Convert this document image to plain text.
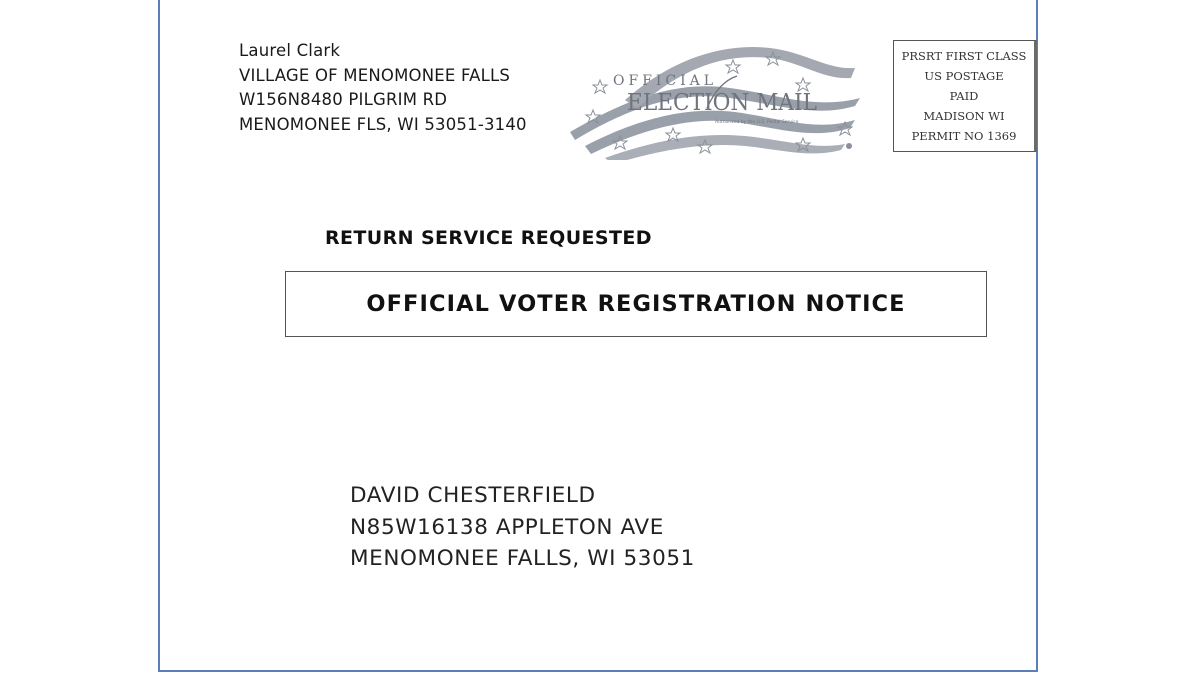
Laurel Clark
VILLAGE OF MENOMONEE FALLS
W156N8480 PILGRIM RD
MENOMONEE FLS, WI 53051-3140
OFFICIAL
ELECTION MAIL
Authorized by the U.S. Postal Service
PRSRT FIRST CLASS
US POSTAGE
PAID
MADISON WI
PERMIT NO 1369
RETURN SERVICE REQUESTED
OFFICIAL VOTER REGISTRATION NOTICE
DAVID CHESTERFIELD
N85W16138 APPLETON AVE
MENOMONEE FALLS, WI 53051
